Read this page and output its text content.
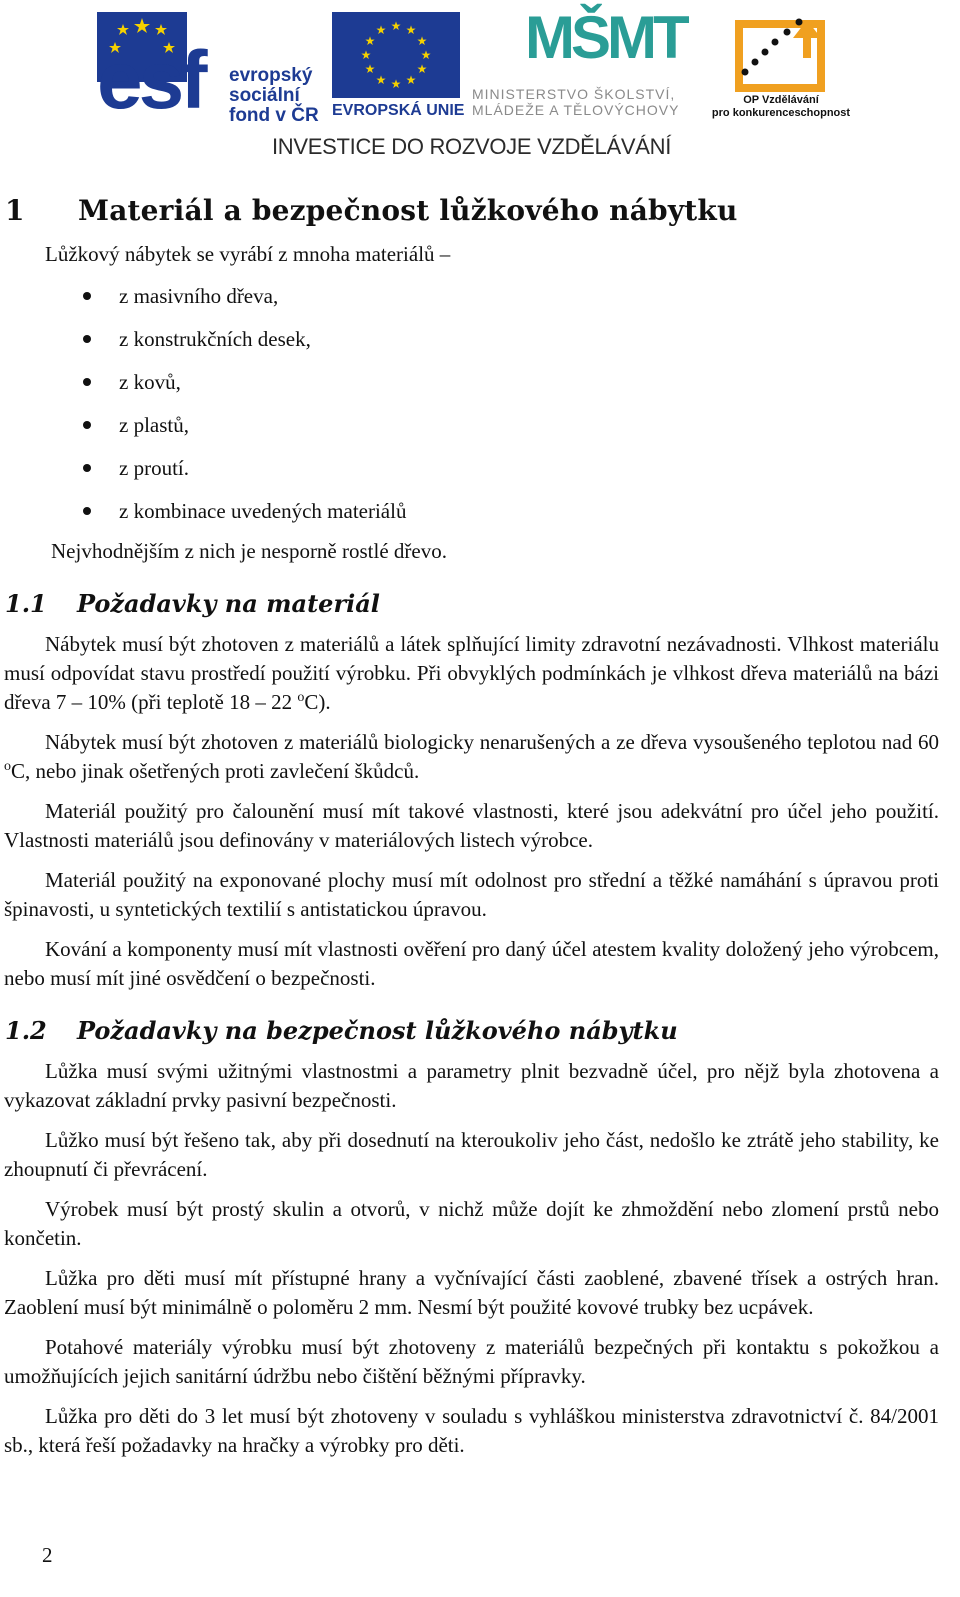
esf evropský
sociální
fond v ČR
★ ★
★
★
★
★
★
★
★
★
★
★
EVROPSKÁ UNIE
MŠMT
MINISTERSTVO ŠKOLSTVÍ,
MLÁDEŽE A TĚLOVÝCHOVY
OP Vzdělávání
pro konkurenceschopnost
INVESTICE DO ROZVOJE VZDĚLÁVÁNÍ
1 Materiál a bezpečnost lůžkového nábytku
Lůžkový nábytek se vyrábí z mnoha materiálů –
z masivního dřeva,
z konstrukčních desek,
z kovů,
z plastů,
z proutí.
z kombinace uvedených materiálů
Nejvhodnějším z nich je nesporně rostlé dřevo.
1.1 Požadavky na materiál

Nábytek musí být zhotoven z materiálů a látek splňující limity zdravotní nezávadnosti. Vlhkost materiálu musí odpovídat stavu prostředí použití výrobku. Při obvyklých podmínkách je vlhkost dřeva materiálů na bázi dřeva 7 – 10% (při teplotě 18 – 22 $^o$C).

Nábytek musí být zhotoven z materiálů biologicky nenarušených a ze dřeva vysoušeného teplotou nad 60 $^o$C, nebo jinak ošetřených proti zavlečení škůdců.

Materiál použitý pro čalounění musí mít takové vlastnosti, které jsou adekvátní pro účel jeho použití. Vlastnosti materiálů jsou definovány v materiálových listech výrobce.

Materiál použitý na exponované plochy musí mít odolnost pro střední a těžké namáhání s úpravou proti špinavosti, u syntetických textilií s antistatickou úpravou.

Kování a komponenty musí mít vlastnosti ověření pro daný účel atestem kvality doložený jeho výrobcem, nebo musí mít jiné osvědčení o bezpečnosti.

1.2 Požadavky na bezpečnost lůžkového nábytku

Lůžka musí svými užitnými vlastnostmi a parametry plnit bezvadně účel, pro nějž byla zhotovena a vykazovat základní prvky pasivní bezpečnosti.

Lůžko musí být řešeno tak, aby při dosednutí na kteroukoliv jeho část, nedošlo ke ztrátě jeho stability, ke zhoupnutí či převrácení.

Výrobek musí být prostý skulin a otvorů, v nichž může dojít ke zhmoždění nebo zlomení prstů nebo končetin.

Lůžka pro děti musí mít přístupné hrany a vyčnívající části zaoblené, zbavené třísek a ostrých hran. Zaoblení musí být minimálně o poloměru 2 mm. Nesmí být použité kovové trubky bez ucpávek.

Potahové materiály výrobku musí být zhotoveny z materiálů bezpečných při kontaktu s pokožkou a umožňujících jejich sanitární údržbu nebo čištění běžnými přípravky.

Lůžka pro děti do 3 let musí být zhotoveny v souladu s vyhláškou ministerstva zdravotnictví č. 84/2001 sb., která řeší požadavky na hračky a výrobky pro děti.

2
